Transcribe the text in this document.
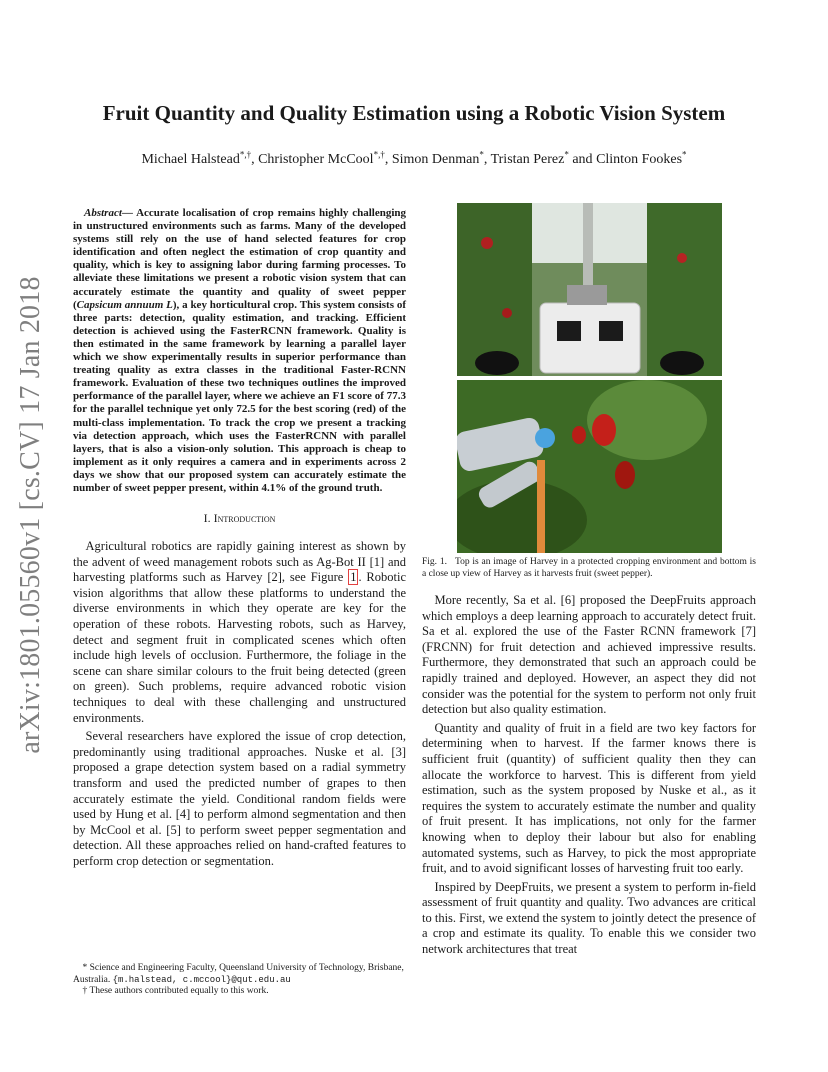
arXiv:1801.05560v1 [cs.CV] 17 Jan 2018
Fruit Quantity and Quality Estimation using a Robotic Vision System
Michael Halstead*,†, Christopher McCool*,†, Simon Denman*, Tristan Perez* and Clinton Fookes*

Abstract— Accurate localisation of crop remains highly challenging in unstructured environments such as farms. Many of the developed systems still rely on the use of hand selected features for crop identification and often neglect the estimation of crop quantity and quality, which is key to assigning labor during farming processes. To alleviate these limitations we present a robotic vision system that can accurately estimate the quantity and quality of sweet pepper (Capsicum annuum L), a key horticultural crop. This system consists of three parts: detection, quality estimation, and tracking. Efficient detection is achieved using the FasterRCNN framework. Quality is then estimated in the same framework by learning a parallel layer which we show experimentally results in superior performance than treating quality as extra classes in the traditional Faster-RCNN framework. Evaluation of these two techniques outlines the improved performance of the parallel layer, where we achieve an F1 score of 77.3 for the parallel technique yet only 72.5 for the best scoring (red) of the multi-class implementation. To track the crop we present a tracking via detection approach, which uses the FasterRCNN with parallel layers, that is also a vision-only solution. This approach is cheap to implement as it only requires a camera and in experiments across 2 days we show that our proposed system can accurately estimate the number of sweet pepper present, within 4.1% of the ground truth.

I. Introduction

Agricultural robotics are rapidly gaining interest as shown by the advent of weed management robots such as Ag-Bot II [1] and harvesting platforms such as Harvey [2], see Figure 1 . Robotic vision algorithms that allow these platforms to understand the diverse environments in which they operate are key for the operation of these robots. Harvesting robots, such as Harvey, detect and segment fruit in complicated scenes which often include high levels of occlusion. Furthermore, the foliage in the scene can share similar colours to the fruit being detected (green on green). Such problems, require advanced robotic vision techniques to deal with these challenging and unstructured environments.

Several researchers have explored the issue of crop detection, predominantly using traditional approaches. Nuske et al. [3] proposed a grape detection system based on a radial symmetry transform and used the predicted number of grapes to then accurately estimate the yield. Conditional random fields were used by Hung et al. [4] to perform almond segmentation and then by McCool et al. [5] to perform sweet pepper segmentation and detection. All these approaches relied on hand-crafted features to perform crop detection or segmentation.

* Science and Engineering Faculty, Queensland University of Technology, Brisbane, Australia. {m.halstead, c.mccool}@qut.edu.au

† These authors contributed equally to this work.

Fig. 1. Top is an image of Harvey in a protected cropping environment and bottom is a close up view of Harvey as it harvests fruit (sweet pepper).

More recently, Sa et al. [6] proposed the DeepFruits approach which employs a deep learning approach to accurately detect fruit. Sa et al. explored the use of the Faster RCNN framework [7] (FRCNN) for fruit detection and achieved impressive results. Furthermore, they demonstrated that such an approach could be rapidly trained and deployed. However, an aspect they did not consider was the potential for the system to perform not only fruit detection but also quality estimation.

Quantity and quality of fruit in a field are two key factors for determining when to harvest. If the farmer knows there is sufficient fruit (quantity) of sufficient quality then they can allocate the workforce to harvest. This is different from yield estimation, such as the system proposed by Nuske et al., as it requires the system to accurately estimate the number and quality of fruit present. It has implications, not only for the farmer knowing when to deploy their labour but also for enabling automated systems, such as Harvey, to pick the most appropriate fruit, and to avoid significant losses of harvesting fruit too early.

Inspired by DeepFruits, we present a system to perform in-field assessment of fruit quantity and quality. Two advances are critical to this. First, we extend the system to jointly detect the presence of a crop and estimate its quality. To enable this we consider two network architectures that treat
